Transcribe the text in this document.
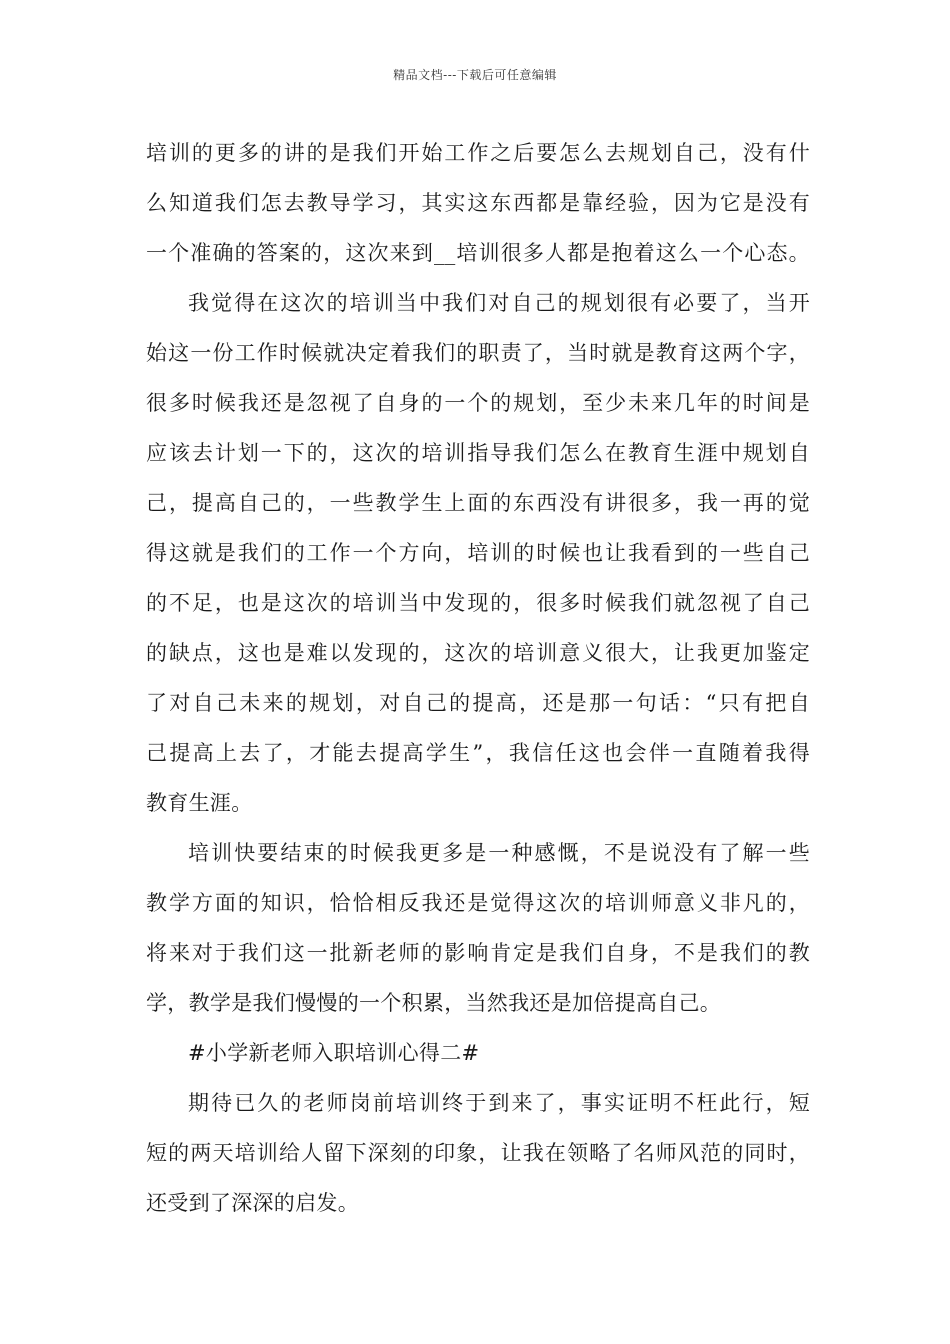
精品文档---下载后可任意编辑
培训的更多的讲的是我们开始工作之后要怎么去规划自己，没有什
么知道我们怎去教导学习，其实这东西都是靠经验，因为它是没有
一个准确的答案的，这次来到__培训很多人都是抱着这么一个心态。
我觉得在这次的培训当中我们对自己的规划很有必要了，当开
始这一份工作时候就决定着我们的职责了，当时就是教育这两个字，
很多时候我还是忽视了自身的一个的规划，至少未来几年的时间是
应该去计划一下的，这次的培训指导我们怎么在教育生涯中规划自
己，提高自己的，一些教学生上面的东西没有讲很多，我一再的觉
得这就是我们的工作一个方向，培训的时候也让我看到的一些自己
的不足，也是这次的培训当中发现的，很多时候我们就忽视了自己
的缺点，这也是难以发现的，这次的培训意义很大，让我更加鉴定
了对自己未来的规划，对自己的提高，还是那一句话：“只有把自
己提高上去了，才能去提高学生”，我信任这也会伴一直随着我得
教育生涯。
培训快要结束的时候我更多是一种感慨，不是说没有了解一些
教学方面的知识，恰恰相反我还是觉得这次的培训师意义非凡的，
将来对于我们这一批新老师的影响肯定是我们自身，不是我们的教
学，教学是我们慢慢的一个积累，当然我还是加倍提高自己。
#小学新老师入职培训心得二#
期待已久的老师岗前培训终于到来了，事实证明不枉此行，短
短的两天培训给人留下深刻的印象，让我在领略了名师风范的同时，
还受到了深深的启发。
